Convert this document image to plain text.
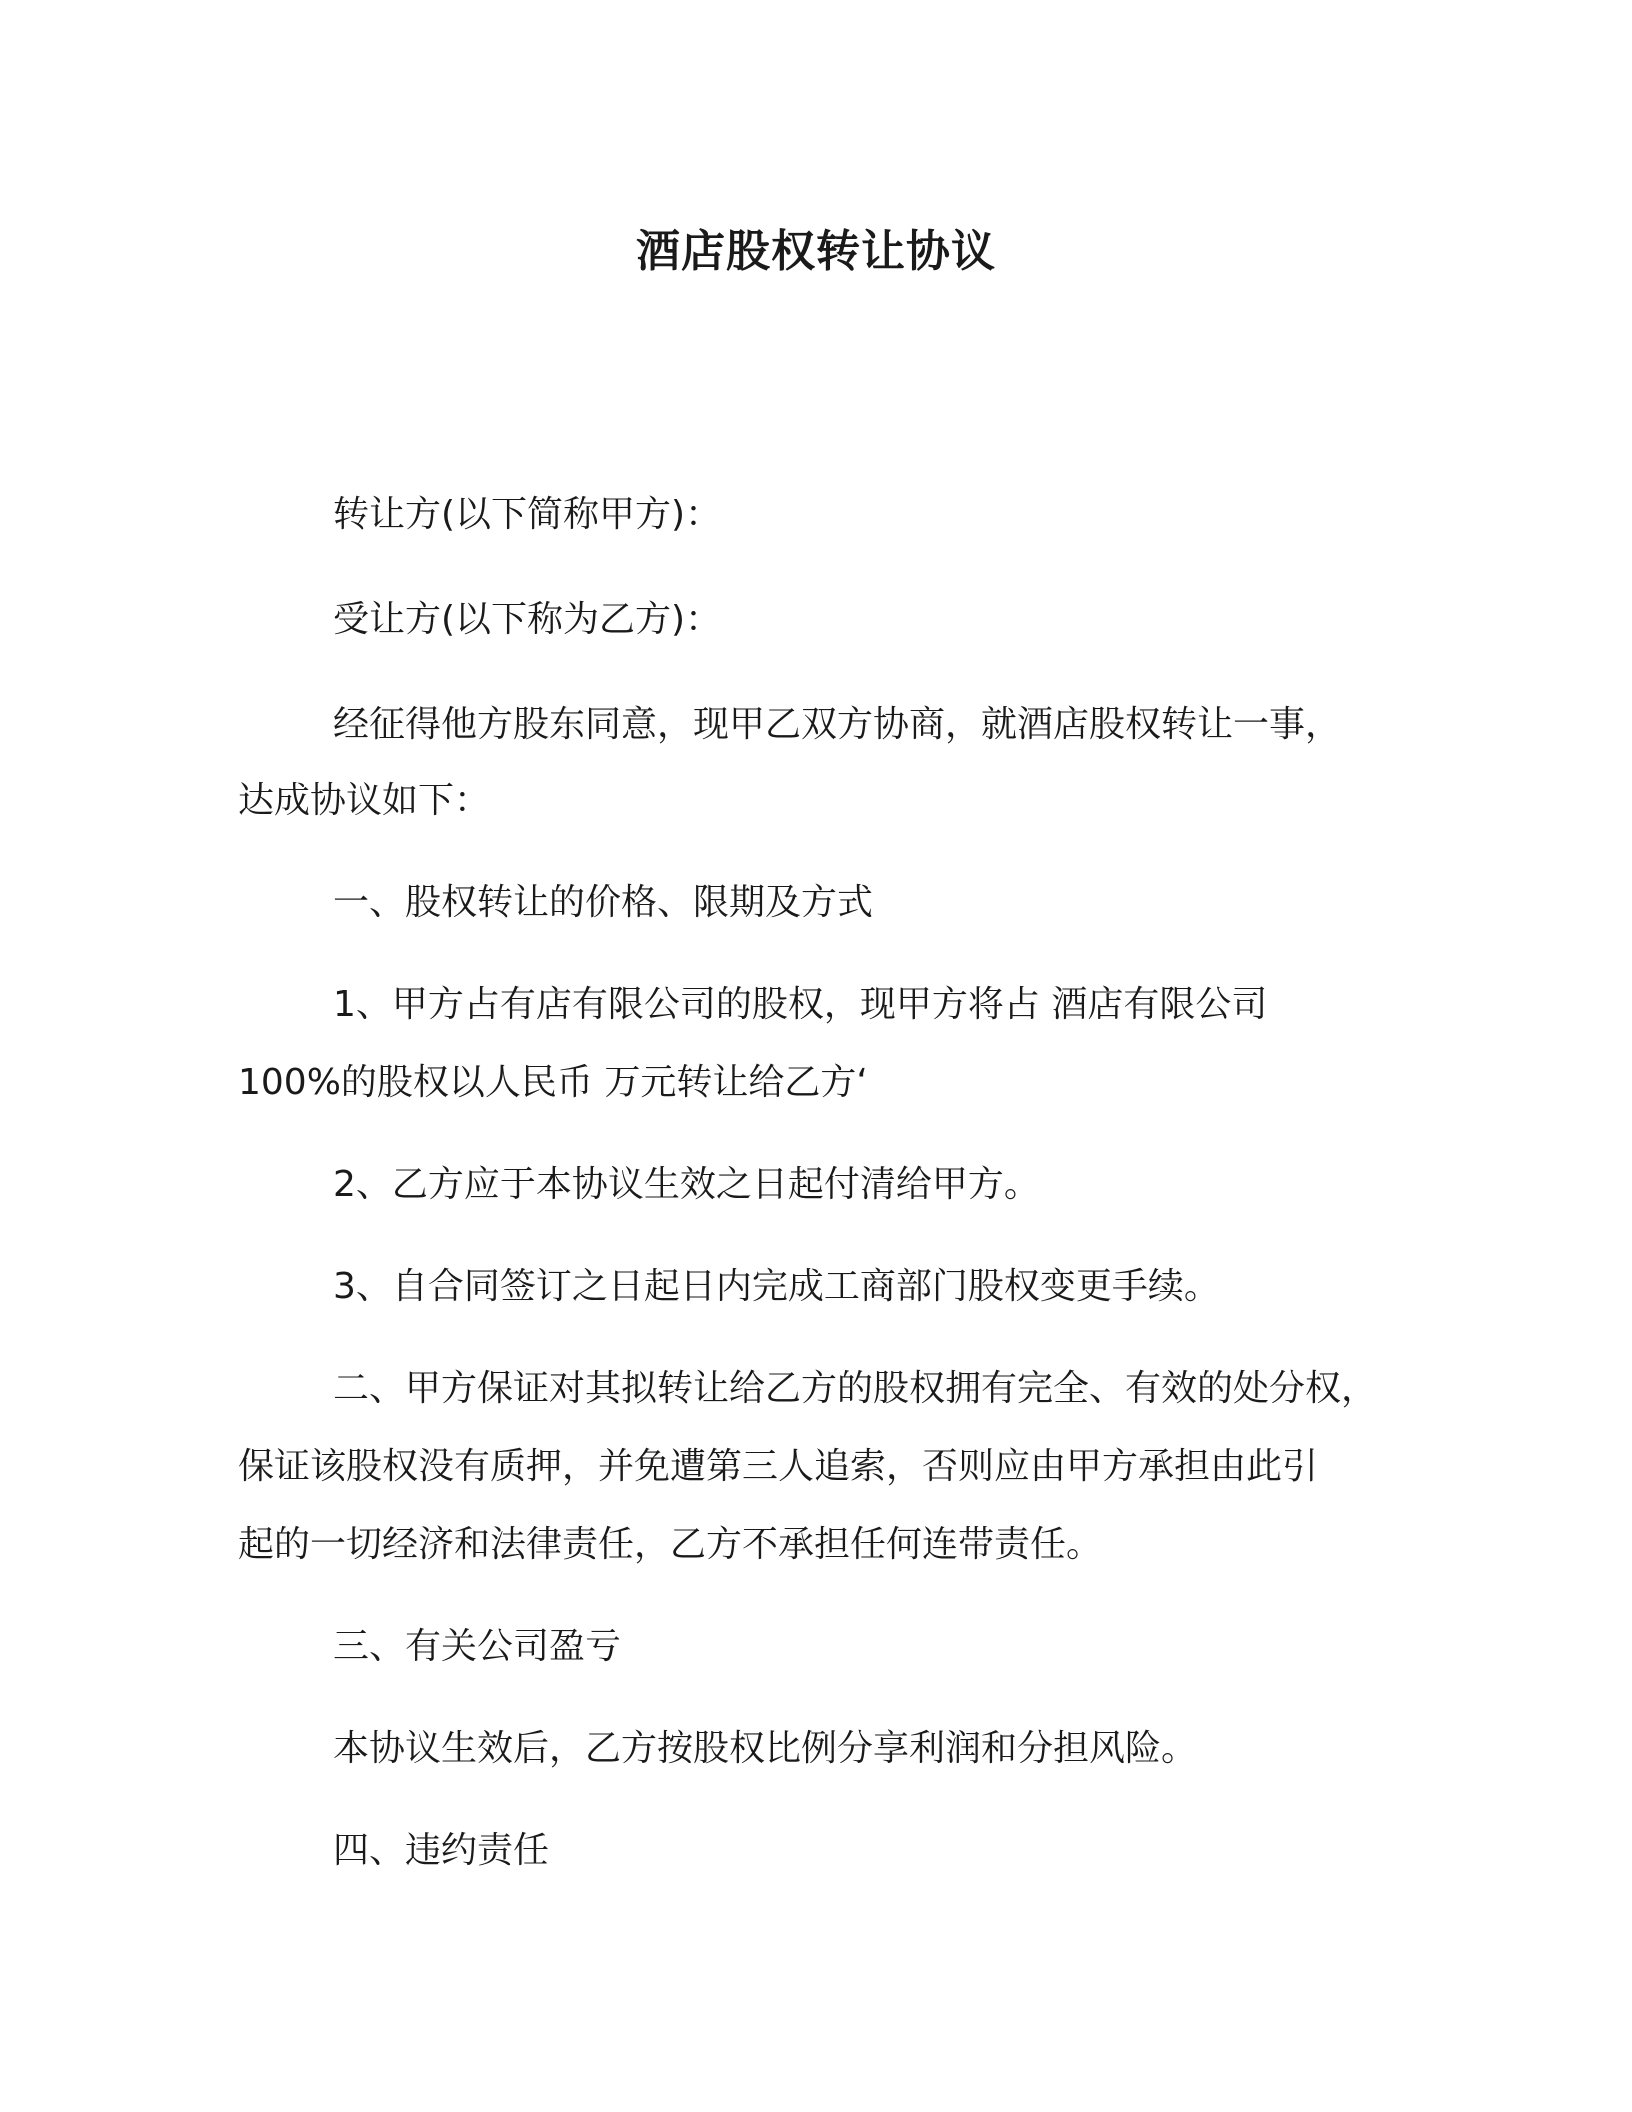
酒店股权转让协议
转让方(以下简称甲方)：
受让方(以下称为乙方)：
经征得他方股东同意，现甲乙双方协商，就酒店股权转让一事，
达成协议如下：
一、股权转让的价格、限期及方式
1、甲方占有店有限公司的股权，现甲方将占 酒店有限公司
100%的股权以人民币 万元转让给乙方‘
2、乙方应于本协议生效之日起付清给甲方。
3、自合同签订之日起日内完成工商部门股权变更手续。
二、甲方保证对其拟转让给乙方的股权拥有完全、有效的处分权，
保证该股权没有质押，并免遭第三人追索，否则应由甲方承担由此引
起的一切经济和法律责任，乙方不承担任何连带责任。
三、有关公司盈亏
本协议生效后，乙方按股权比例分享利润和分担风险。
四、违约责任
